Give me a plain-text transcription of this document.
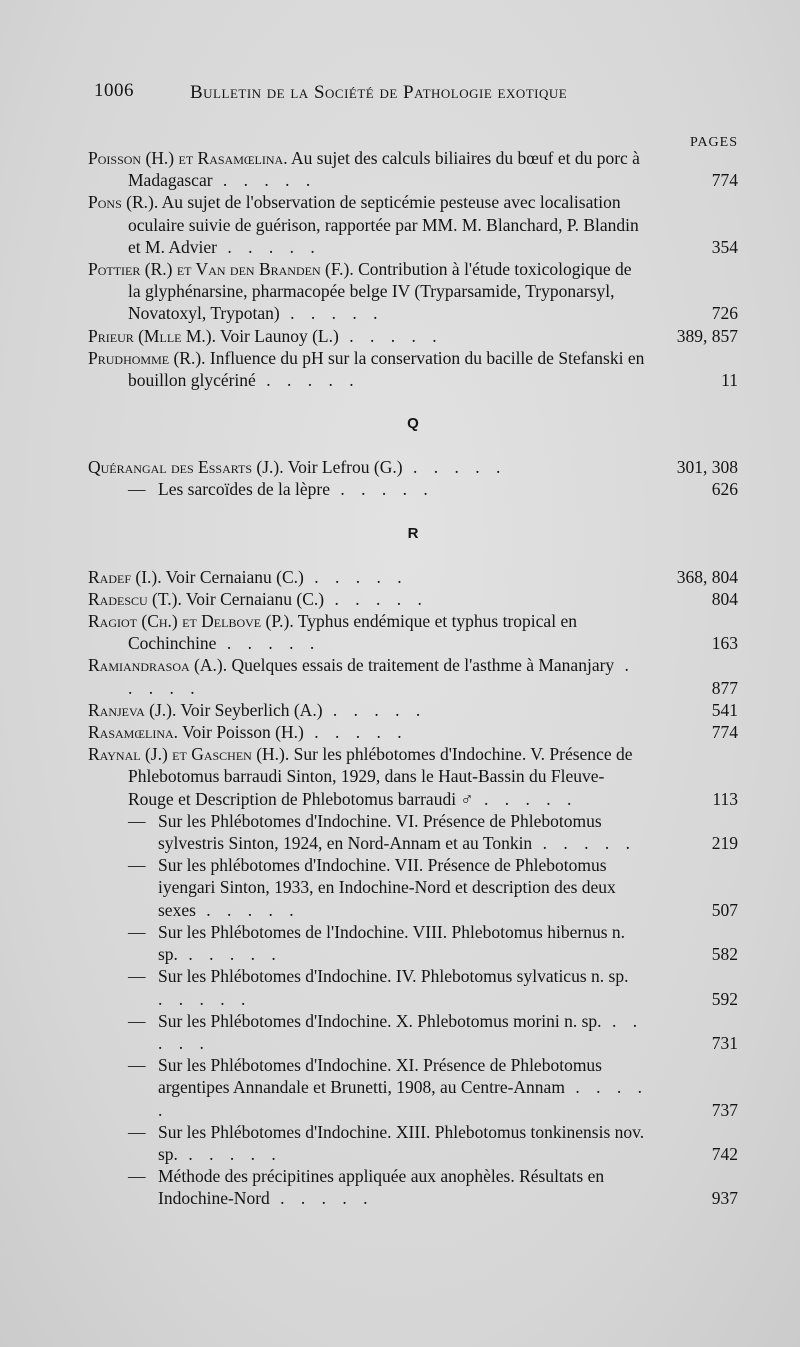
1006	Bulletin de la Société de Pathologie exotique
PAGES
Poisson (H.) et Rasamœlina. Au sujet des calculs biliaires du bœuf et du porc à Madagascar . . . . .	774
Pons (R.). Au sujet de l'observation de septicémie pesteuse avec localisation oculaire suivie de guérison, rapportée par MM. M. Blanchard, P. Blandin et M. Advier . . . . .	354
Pottier (R.) et Van den Branden (F.). Contribution à l'étude toxicologique de la glyphénarsine, pharmacopée belge IV (Tryparsamide, Tryponarsyl, Novatoxyl, Trypotan) . . . . .	726
Prieur (Mlle M.). Voir Launoy (L.) . . . . .	389, 857
Prudhomme (R.). Influence du pH sur la conservation du bacille de Stefanski en bouillon glycériné . . . . .	11
Q
Quérangal des Essarts (J.). Voir Lefrou (G.) . . . . .	301, 308
— Les sarcoïdes de la lèpre . . . . .	626
R
Radef (I.). Voir Cernaianu (C.) . . . . .	368, 804
Radescu (T.). Voir Cernaianu (C.) . . . . .	804
Ragiot (Ch.) et Delbove (P.). Typhus endémique et typhus tropical en Cochinchine . . . . .	163
Ramiandrasoa (A.). Quelques essais de traitement de l'asthme à Mananjary . . . . .	877
Ranjeva (J.). Voir Seyberlich (A.) . . . . .	541
Rasamœlina. Voir Poisson (H.) . . . . .	774
Raynal (J.) et Gaschen (H.). Sur les phlébotomes d'Indochine. V. Présence de Phlebotomus barraudi Sinton, 1929, dans le Haut-Bassin du Fleuve-Rouge et Description de Phlebotomus barraudi ♂ . . . . .	113
— Sur les Phlébotomes d'Indochine. VI. Présence de Phlebotomus sylvestris Sinton, 1924, en Nord-Annam et au Tonkin . . . . .	219
— Sur les phlébotomes d'Indochine. VII. Présence de Phlebotomus iyengari Sinton, 1933, en Indochine-Nord et description des deux sexes . . . . .	507
— Sur les Phlébotomes de l'Indochine. VIII. Phlebotomus hibernus n. sp. . . . . .	582
— Sur les Phlébotomes d'Indochine. IV. Phlebotomus sylvaticus n. sp. . . . . .	592
— Sur les Phlébotomes d'Indochine. X. Phlebotomus morini n. sp. . . . . .	731
— Sur les Phlébotomes d'Indochine. XI. Présence de Phlebotomus argentipes Annandale et Brunetti, 1908, au Centre-Annam . . . . .	737
— Sur les Phlébotomes d'Indochine. XIII. Phlebotomus tonkinensis nov. sp. . . . . .	742
— Méthode des précipitines appliquée aux anophèles. Résultats en Indochine-Nord . . . . .	937
